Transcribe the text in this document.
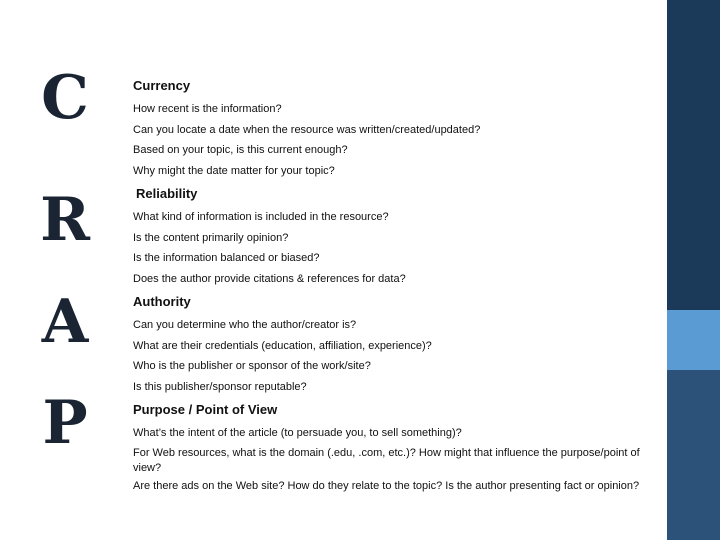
C
R
A
P
Currency
How recent is the information?
Can you locate a date when the resource was written/created/updated?
Based on your topic, is this current enough?
Why might the date matter for your topic?
Reliability
What kind of information is included in the resource?
Is the content primarily opinion?
Is the information balanced or biased?
Does the author provide citations & references for data?
Authority
Can you determine who the author/creator is?
What are their credentials (education, affiliation, experience)?
Who is the publisher or sponsor of the work/site?
Is this publisher/sponsor reputable?
Purpose / Point of View
What’s the intent of the article (to persuade you, to sell something)?
For Web resources, what is the domain (.edu, .com, etc.)? How might that influence the purpose/point of view?
Are there ads on the Web site? How do they relate to the topic? Is the author presenting fact or opinion?
